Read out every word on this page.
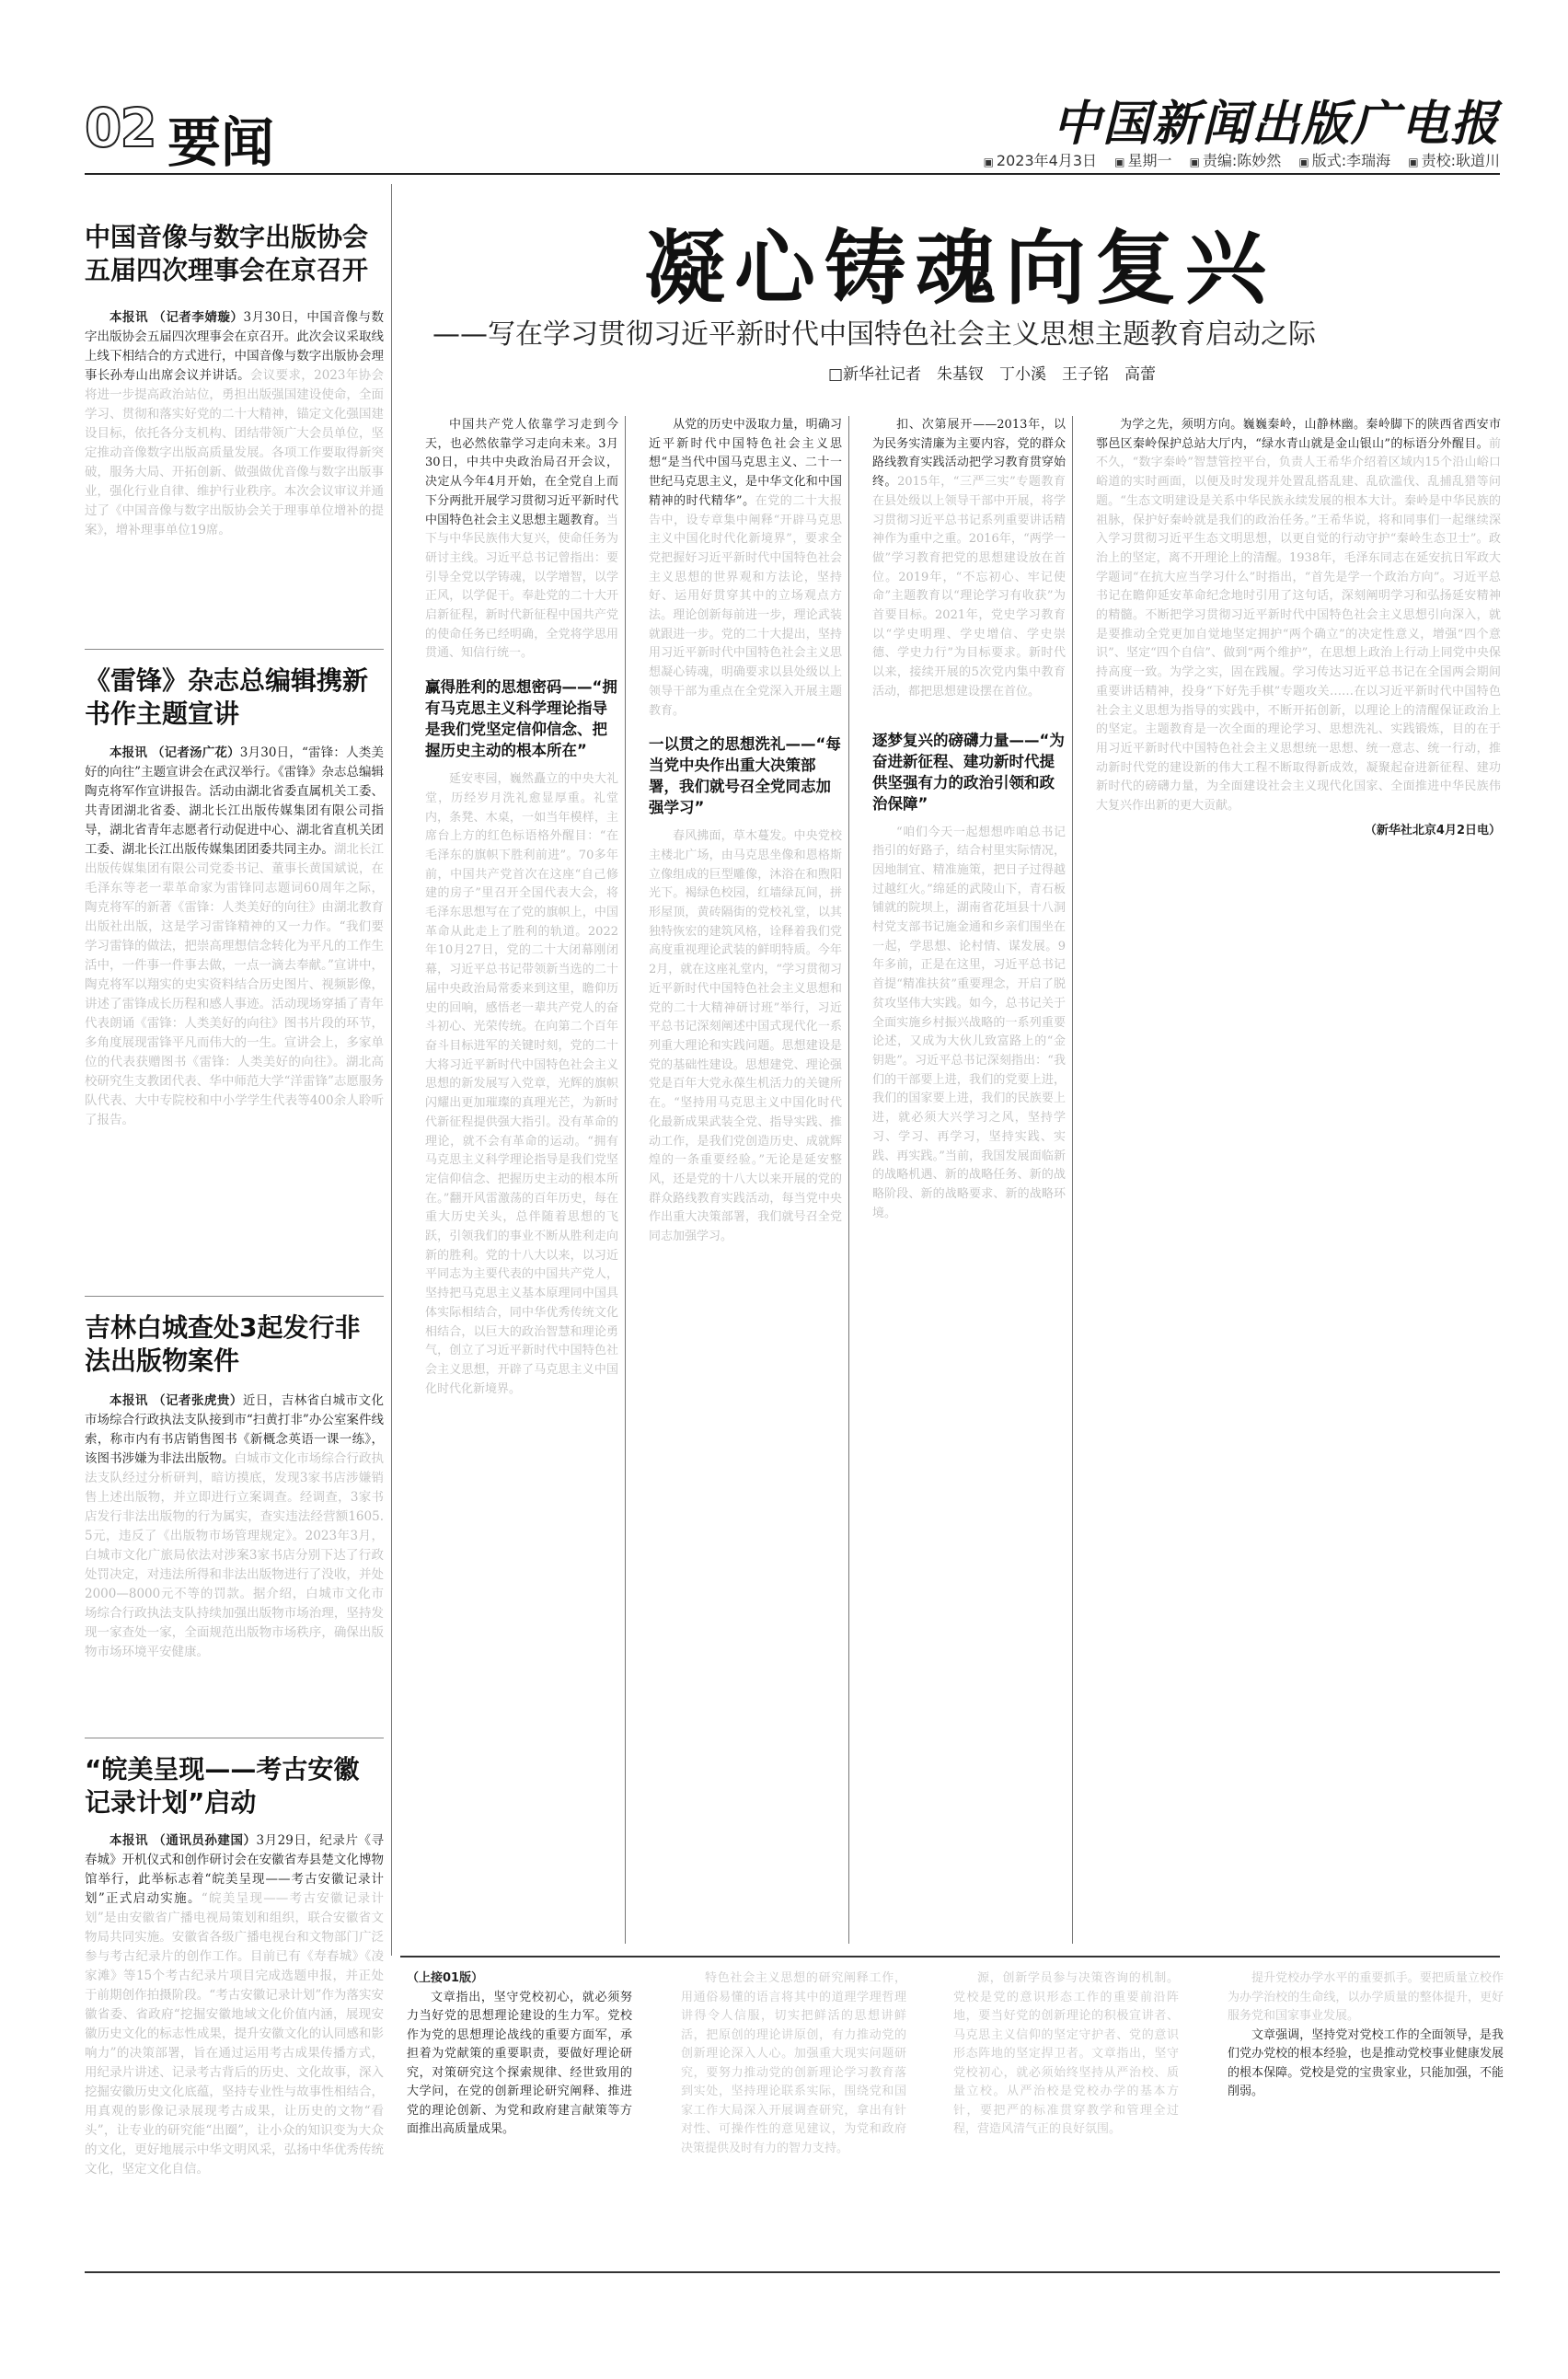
02 要闻	中国新闻出版广电报
▣ 2023年4月3日 ▣ 星期一 ▣ 责编:陈妙然 ▣ 版式:李瑞海 ▣ 责校:耿道川
中国音像与数字出版协会五届四次理事会在京召开

本报讯 （记者李婧璇）3月30日，中国音像与数字出版协会五届四次理事会在京召开。此次会议采取线上线下相结合的方式进行，中国音像与数字出版协会理事长孙寿山出席会议并讲话。会议要求，2023年协会将进一步提高政治站位，勇担出版强国建设使命，全面学习、贯彻和落实好党的二十大精神，锚定文化强国建设目标，依托各分支机构、团结带领广大会员单位，坚定推动音像数字出版高质量发展。各项工作要取得新突破，服务大局、开拓创新、做强做优音像与数字出版事业，强化行业自律、维护行业秩序。本次会议审议并通过了《中国音像与数字出版协会关于理事单位增补的提案》，增补理事单位19席。

《雷锋》杂志总编辑携新书作主题宣讲

本报讯 （记者汤广花）3月30日，“雷锋：人类美好的向往”主题宣讲会在武汉举行。《雷锋》杂志总编辑陶克将军作宣讲报告。活动由湖北省委直属机关工委、共青团湖北省委、湖北长江出版传媒集团有限公司指导，湖北省青年志愿者行动促进中心、湖北省直机关团工委、湖北长江出版传媒集团团委共同主办。湖北长江出版传媒集团有限公司党委书记、董事长黄国斌说，在毛泽东等老一辈革命家为雷锋同志题词60周年之际，陶克将军的新著《雷锋：人类美好的向往》由湖北教育出版社出版，这是学习雷锋精神的又一力作。“我们要学习雷锋的做法，把崇高理想信念转化为平凡的工作生活中，一件事一件事去做，一点一滴去奉献。”宣讲中，陶克将军以翔实的史实资料结合历史图片、视频影像，讲述了雷锋成长历程和感人事迹。活动现场穿插了青年代表朗诵《雷锋：人类美好的向往》图书片段的环节，多角度展现雷锋平凡而伟大的一生。宣讲会上，多家单位的代表获赠图书《雷锋：人类美好的向往》。湖北高校研究生支教团代表、华中师范大学“洋雷锋”志愿服务队代表、大中专院校和中小学学生代表等400余人聆听了报告。

吉林白城查处3起发行非法出版物案件

本报讯 （记者张虎贵）近日，吉林省白城市文化市场综合行政执法支队接到市“扫黄打非”办公室案件线索，称市内有书店销售图书《新概念英语一课一练》，该图书涉嫌为非法出版物。白城市文化市场综合行政执法支队经过分析研判，暗访摸底，发现3家书店涉嫌销售上述出版物，并立即进行立案调查。经调查，3家书店发行非法出版物的行为属实，查实违法经营额1605.5元，违反了《出版物市场管理规定》。2023年3月，白城市文化广旅局依法对涉案3家书店分别下达了行政处罚决定，对违法所得和非法出版物进行了没收，并处2000—8000元不等的罚款。据介绍，白城市文化市场综合行政执法支队持续加强出版物市场治理，坚持发现一家查处一家，全面规范出版物市场秩序，确保出版物市场环境平安健康。

“皖美呈现——考古安徽记录计划”启动

本报讯 （通讯员孙建国）3月29日，纪录片《寻春城》开机仪式和创作研讨会在安徽省寿县楚文化博物馆举行，此举标志着“皖美呈现——考古安徽记录计划”正式启动实施。“皖美呈现——考古安徽记录计划”是由安徽省广播电视局策划和组织，联合安徽省文物局共同实施。安徽省各级广播电视台和文物部门广泛参与考古纪录片的创作工作。目前已有《寿春城》《凌家滩》等15个考古纪录片项目完成选题申报，并正处于前期创作拍摄阶段。“考古安徽记录计划”作为落实安徽省委、省政府“挖掘安徽地域文化价值内涵，展现安徽历史文化的标志性成果，提升安徽文化的认同感和影响力”的决策部署，旨在通过运用考古成果传播方式，用纪录片讲述、记录考古背后的历史、文化故事，深入挖掘安徽历史文化底蕴，坚持专业性与故事性相结合，用真观的影像记录展现考古成果，让历史的文物“看头”，让专业的研究能“出圈”，让小众的知识变为大众的文化，更好地展示中华文明风采，弘扬中华优秀传统文化，坚定文化自信。

凝心铸魂向复兴
——写在学习贯彻习近平新时代中国特色社会主义思想主题教育启动之际
□新华社记者　朱基钗　丁小溪　王子铭　高蕾

中国共产党人依靠学习走到今天，也必然依靠学习走向未来。3月30日，中共中央政治局召开会议，决定从今年4月开始，在全党自上而下分两批开展学习贯彻习近平新时代中国特色社会主义思想主题教育。当下与中华民族伟大复兴，使命任务为研讨主线。习近平总书记曾指出：要引导全党以学铸魂，以学增智，以学正风，以学促干。奉赴党的二十大开启新征程，新时代新征程中国共产党的使命任务已经明确，全党将学思用贯通、知信行统一。

赢得胜利的思想密码——“拥有马克思主义科学理论指导是我们党坚定信仰信念、把握历史主动的根本所在”

延安枣园，巍然矗立的中央大礼堂，历经岁月洗礼愈显厚重。礼堂内，条凳、木桌，一如当年模样，主席台上方的红色标语格外醒目：“在毛泽东的旗帜下胜利前进”。70多年前，中国共产党首次在这座“自己修建的房子”里召开全国代表大会，将毛泽东思想写在了党的旗帜上，中国革命从此走上了胜利的轨道。2022年10月27日，党的二十大闭幕刚闭幕，习近平总书记带领新当选的二十届中央政治局常委来到这里，瞻仰历史的回响，感悟老一辈共产党人的奋斗初心、光荣传统。在向第二个百年奋斗目标进军的关键时刻，党的二十大将习近平新时代中国特色社会主义思想的新发展写入党章，光辉的旗帜闪耀出更加璀璨的真理光芒，为新时代新征程提供强大指引。没有革命的理论，就不会有革命的运动。“拥有马克思主义科学理论指导是我们党坚定信仰信念、把握历史主动的根本所在。”翻开风雷激荡的百年历史，每在重大历史关头，总伴随着思想的飞跃，引领我们的事业不断从胜利走向新的胜利。党的十八大以来，以习近平同志为主要代表的中国共产党人，坚持把马克思主义基本原理同中国具体实际相结合，同中华优秀传统文化相结合，以巨大的政治智慧和理论勇气，创立了习近平新时代中国特色社会主义思想，开辟了马克思主义中国化时代化新境界。

从党的历史中汲取力量，明确习近平新时代中国特色社会主义思想“是当代中国马克思主义、二十一世纪马克思主义，是中华文化和中国精神的时代精华”。在党的二十大报告中，设专章集中阐释“开辟马克思主义中国化时代化新境界”，要求全党把握好习近平新时代中国特色社会主义思想的世界观和方法论，坚持好、运用好贯穿其中的立场观点方法。理论创新每前进一步，理论武装就跟进一步。党的二十大提出，坚持用习近平新时代中国特色社会主义思想凝心铸魂，明确要求以县处级以上领导干部为重点在全党深入开展主题教育。

一以贯之的思想洗礼——“每当党中央作出重大决策部署，我们就号召全党同志加强学习”

春风拂面，草木蔓发。中央党校主楼北广场，由马克思坐像和恩格斯立像组成的巨型雕像，沐浴在和煦阳光下。褐绿色校园，红墙绿瓦间，拼形屋顶，黄砖隔街的党校礼堂，以其独特恢宏的建筑风格，诠释着我们党高度重视理论武装的鲜明特质。今年2月，就在这座礼堂内，“学习贯彻习近平新时代中国特色社会主义思想和党的二十大精神研讨班”举行，习近平总书记深刻阐述中国式现代化一系列重大理论和实践问题。思想建设是党的基础性建设。思想建党、理论强党是百年大党永葆生机活力的关键所在。“坚持用马克思主义中国化时代化最新成果武装全党、指导实践、推动工作，是我们党创造历史、成就辉煌的一条重要经验。”无论是延安整风，还是党的十八大以来开展的党的群众路线教育实践活动，每当党中央作出重大决策部署，我们就号召全党同志加强学习。

扣、次第展开——2013年，以为民务实清廉为主要内容，党的群众路线教育实践活动把学习教育贯穿始终。2015年，“三严三实”专题教育在县处级以上领导干部中开展，将学习贯彻习近平总书记系列重要讲话精神作为重中之重。2016年，“两学一做”学习教育把党的思想建设放在首位。2019年，“不忘初心、牢记使命”主题教育以“理论学习有收获”为首要目标。2021年，党史学习教育以“学史明理、学史增信、学史崇德、学史力行”为目标要求。新时代以来，接续开展的5次党内集中教育活动，都把思想建设摆在首位。

逐梦复兴的磅礴力量——“为奋进新征程、建功新时代提供坚强有力的政治引领和政治保障”

“咱们今天一起想想咋咱总书记指引的好路子，结合村里实际情况，因地制宜、精准施策，把日子过得越过越红火。”绵延的武陵山下，青石板铺就的院坝上，湖南省花垣县十八洞村党支部书记施金通和乡亲们围坐在一起，学思想、论村情、谋发展。9年多前，正是在这里，习近平总书记首提“精准扶贫”重要理念，开启了脱贫攻坚伟大实践。如今，总书记关于全面实施乡村振兴战略的一系列重要论述，又成为大伙儿致富路上的“金钥匙”。习近平总书记深刻指出：“我们的干部要上进，我们的党要上进，我们的国家要上进，我们的民族要上进，就必须大兴学习之风，坚持学习、学习、再学习，坚持实践、实践、再实践。”当前，我国发展面临新的战略机遇、新的战略任务、新的战略阶段、新的战略要求、新的战略环境。

为学之先，须明方向。巍巍秦岭，山静林幽。秦岭脚下的陕西省西安市鄠邑区秦岭保护总站大厅内，“绿水青山就是金山银山”的标语分外醒目。前不久，“数字秦岭”智慧管控平台，负责人王希华介绍着区域内15个沿山峪口峪道的实时画面，以便及时发现并处置乱搭乱建、乱砍滥伐、乱捕乱猎等问题。“生态文明建设是关系中华民族永续发展的根本大计。秦岭是中华民族的祖脉，保护好秦岭就是我们的政治任务。”王希华说，将和同事们一起继续深入学习贯彻习近平生态文明思想，以更自觉的行动守护“秦岭生态卫士”。政治上的坚定，离不开理论上的清醒。1938年，毛泽东同志在延安抗日军政大学题词“在抗大应当学习什么”时指出，“首先是学一个政治方向”。习近平总书记在瞻仰延安革命纪念地时引用了这句话，深刻阐明学习和弘扬延安精神的精髓。不断把学习贯彻习近平新时代中国特色社会主义思想引向深入，就是要推动全党更加自觉地坚定拥护“两个确立”的决定性意义，增强“四个意识”、坚定“四个自信”、做到“两个维护”，在思想上政治上行动上同党中央保持高度一致。为学之实，固在践履。学习传达习近平总书记在全国两会期间重要讲话精神，投身“下好先手棋”专题攻关……在以习近平新时代中国特色社会主义思想为指导的实践中，不断开拓创新，以理论上的清醒保证政治上的坚定。主题教育是一次全面的理论学习、思想洗礼、实践锻炼，目的在于用习近平新时代中国特色社会主义思想统一思想、统一意志、统一行动，推动新时代党的建设新的伟大工程不断取得新成效，凝聚起奋进新征程、建功新时代的磅礴力量，为全面建设社会主义现代化国家、全面推进中华民族伟大复兴作出新的更大贡献。

（新华社北京4月2日电）

（上接01版）

文章指出，坚守党校初心，就必须努力当好党的思想理论建设的生力军。党校作为党的思想理论战线的重要方面军，承担着为党献策的重要职责，要做好理论研究，对策研究这个探索规律、经世致用的大学问，在党的创新理论研究阐释、推进党的理论创新、为党和政府建言献策等方面推出高质量成果。

特色社会主义思想的研究阐释工作，用通俗易懂的语言将其中的道理学理哲理讲得令人信服，切实把鲜活的思想讲鲜活，把原创的理论讲原创，有力推动党的创新理论深入人心。加强重大现实问题研究，要努力推动党的创新理论学习教育落到实处，坚持理论联系实际，围绕党和国家工作大局深入开展调查研究，拿出有针对性、可操作性的意见建议，为党和政府决策提供及时有力的智力支持。

源，创新学员参与决策咨询的机制。党校是党的意识形态工作的重要前沿阵地，要当好党的创新理论的积极宣讲者、马克思主义信仰的坚定守护者、党的意识形态阵地的坚定捍卫者。文章指出，坚守党校初心，就必须始终坚持从严治校、质量立校。从严治校是党校办学的基本方针，要把严的标准贯穿教学和管理全过程，营造风清气正的良好氛围。

提升党校办学水平的重要抓手。要把质量立校作为办学治校的生命线，以办学质量的整体提升，更好服务党和国家事业发展。

文章强调，坚持党对党校工作的全面领导，是我们党办党校的根本经验，也是推动党校事业健康发展的根本保障。党校是党的宝贵家业，只能加强，不能削弱。
